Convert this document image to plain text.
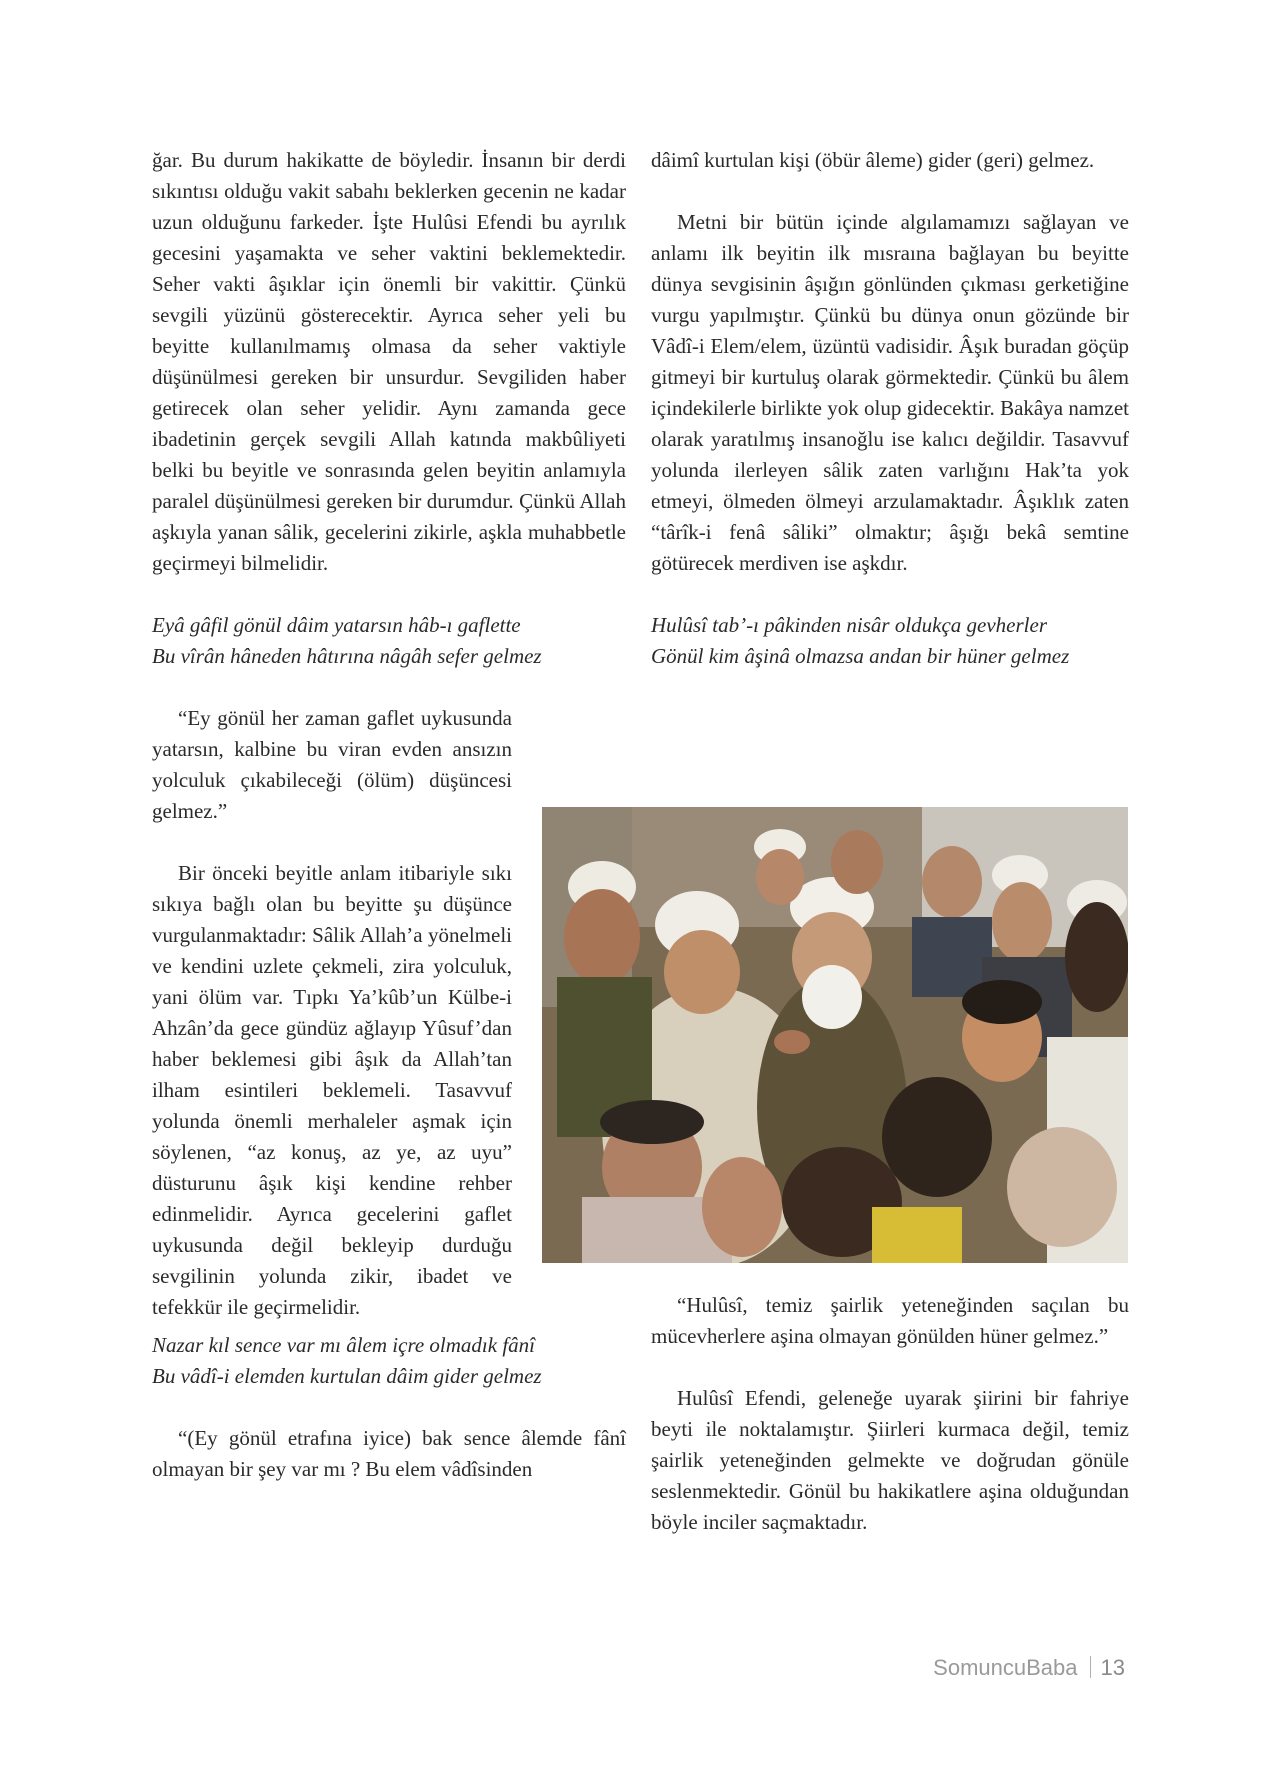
ğar. Bu durum hakikatte de böyledir. İnsanın bir derdi sıkıntısı olduğu vakit sabahı beklerken gecenin ne kadar uzun olduğunu farkeder. İşte Hulûsi Efendi bu ayrılık gecesini yaşamakta ve seher vaktini beklemektedir. Seher vakti âşıklar için önemli bir vakittir. Çünkü sevgili yüzünü gösterecektir. Ayrıca seher yeli bu beyitte kullanılmamış olmasa da seher vaktiyle düşünülmesi gereken bir unsurdur. Sevgiliden haber getirecek olan seher yelidir. Aynı zamanda gece ibadetinin gerçek sevgili Allah katında makbûliyeti belki bu beyitle ve sonrasında gelen beyitin anlamıyla paralel düşünülmesi gereken bir durumdur. Çünkü Allah aşkıyla yanan sâlik, gecelerini zikirle, aşkla muhabbetle geçirmeyi bilmelidir.

Eyâ gâfil gönül dâim yatarsın hâb-ı gaflette
Bu vîrân hâneden hâtırına nâgâh sefer gelmez

“Ey gönül her zaman gaflet uykusunda yatarsın, kalbine bu viran evden ansızın yolculuk çıkabileceği (ölüm) düşüncesi gelmez.”

Bir önceki beyitle anlam itibariyle sıkı sıkıya bağlı olan bu beyitte şu düşünce vurgulanmaktadır: Sâlik Allah’a yönelmeli ve kendini uzlete çekmeli, zira yolculuk, yani ölüm var. Tıpkı Ya’kûb’un Külbe-i Ahzân’da gece gündüz ağlayıp Yûsuf’dan haber beklemesi gibi âşık da Allah’tan ilham esintileri beklemeli. Tasavvuf yolunda önemli merhaleler aşmak için söylenen, “az konuş, az ye, az uyu” düsturunu âşık kişi kendine rehber edinmelidir. Ayrıca gecelerini gaflet uykusunda değil bekleyip durduğu sevgilinin yolunda zikir, ibadet ve tefekkür ile geçirmelidir.

dâimî kurtulan kişi (öbür âleme) gider (geri) gelmez.

Metni bir bütün içinde algılamamızı sağlayan ve anlamı ilk beyitin ilk mısraına bağlayan bu beyitte dünya sevgisinin âşığın gönlünden çıkması gerketiğine vurgu yapılmıştır. Çünkü bu dünya onun gözünde bir Vâdî-i Elem/elem, üzüntü vadisidir. Âşık buradan göçüp gitmeyi bir kurtuluş olarak görmektedir. Çünkü bu âlem içindekilerle birlikte yok olup gidecektir. Bakâya namzet olarak yaratılmış insanoğlu ise kalıcı değildir. Tasavvuf yolunda ilerleyen sâlik zaten varlığını Hak’ta yok etmeyi, ölmeden ölmeyi arzulamaktadır. Âşıklık zaten “târîk-i fenâ sâliki” olmaktır; âşığı bekâ semtine götürecek merdiven ise aşkdır.

Hulûsî tab’-ı pâkinden nisâr oldukça gevherler
Gönül kim âşinâ olmazsa andan bir hüner gelmez
Nazar kıl sence var mı âlem içre olmadık fânî
Bu vâdî-i elemden kurtulan dâim gider gelmez

“(Ey gönül etrafına iyice) bak sence âlemde fânî olmayan bir şey var mı ? Bu elem vâdîsinden

“Hulûsî, temiz şairlik yeteneğinden saçılan bu mücevherlere aşina olmayan gönülden hüner gelmez.”

Hulûsî Efendi, geleneğe uyarak şiirini bir fahriye beyti ile noktalamıştır. Şiirleri kurmaca değil, temiz şairlik yeteneğinden gelmekte ve doğrudan gönüle seslenmektedir. Gönül bu hakikatlere aşina olduğundan böyle inciler saçmaktadır.

SomuncuBaba 13
